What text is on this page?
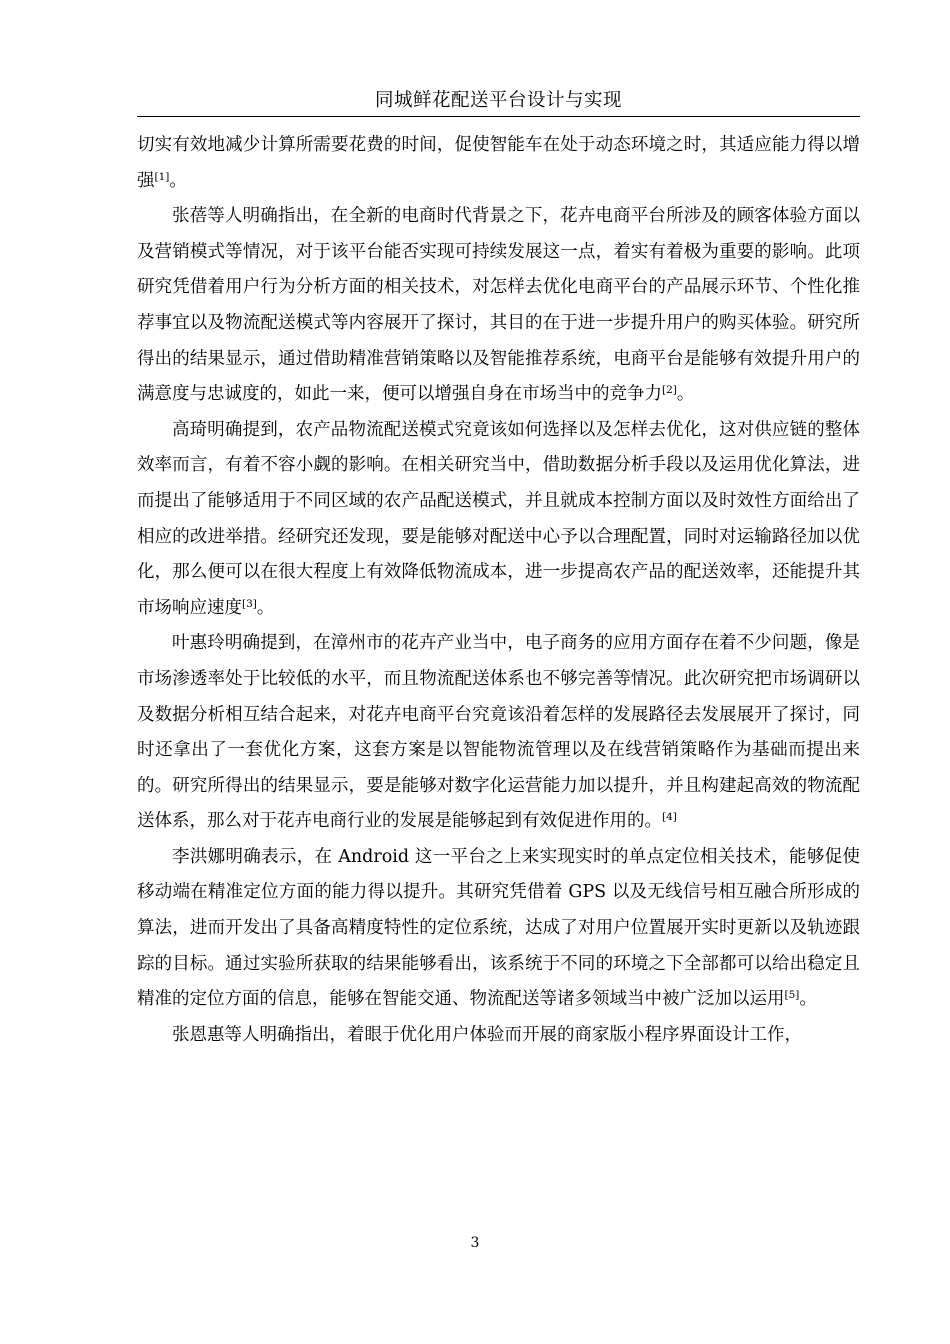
同城鲜花配送平台设计与实现

切实有效地减少计算所需要花费的时间，促使智能车在处于动态环境之时，其适应能力得以增强[1]。

张蓓等人明确指出，在全新的电商时代背景之下，花卉电商平台所涉及的顾客体验方面以及营销模式等情况，对于该平台能否实现可持续发展这一点，着实有着极为重要的影响。此项研究凭借着用户行为分析方面的相关技术，对怎样去优化电商平台的产品展示环节、个性化推荐事宜以及物流配送模式等内容展开了探讨，其目的在于进一步提升用户的购买体验。研究所得出的结果显示，通过借助精准营销策略以及智能推荐系统，电商平台是能够有效提升用户的满意度与忠诚度的，如此一来，便可以增强自身在市场当中的竞争力[2]。

高琦明确提到，农产品物流配送模式究竟该如何选择以及怎样去优化，这对供应链的整体效率而言，有着不容小觑的影响。在相关研究当中，借助数据分析手段以及运用优化算法，进而提出了能够适用于不同区域的农产品配送模式，并且就成本控制方面以及时效性方面给出了相应的改进举措。经研究还发现，要是能够对配送中心予以合理配置，同时对运输路径加以优化，那么便可以在很大程度上有效降低物流成本，进一步提高农产品的配送效率，还能提升其市场响应速度[3]。

叶惠玲明确提到，在漳州市的花卉产业当中，电子商务的应用方面存在着不少问题，像是市场渗透率处于比较低的水平，而且物流配送体系也不够完善等情况。此次研究把市场调研以及数据分析相互结合起来，对花卉电商平台究竟该沿着怎样的发展路径去发展展开了探讨，同时还拿出了一套优化方案，这套方案是以智能物流管理以及在线营销策略作为基础而提出来的。研究所得出的结果显示，要是能够对数字化运营能力加以提升，并且构建起高效的物流配送体系，那么对于花卉电商行业的发展是能够起到有效促进作用的。[4]

李洪娜明确表示，在 Android 这一平台之上来实现实时的单点定位相关技术，能够促使移动端在精准定位方面的能力得以提升。其研究凭借着 GPS 以及无线信号相互融合所形成的算法，进而开发出了具备高精度特性的定位系统，达成了对用户位置展开实时更新以及轨迹跟踪的目标。通过实验所获取的结果能够看出，该系统于不同的环境之下全部都可以给出稳定且精准的定位方面的信息，能够在智能交通、物流配送等诸多领域当中被广泛加以运用[5]。

张恩惠等人明确指出，着眼于优化用户体验而开展的商家版小程序界面设计工作，

3
